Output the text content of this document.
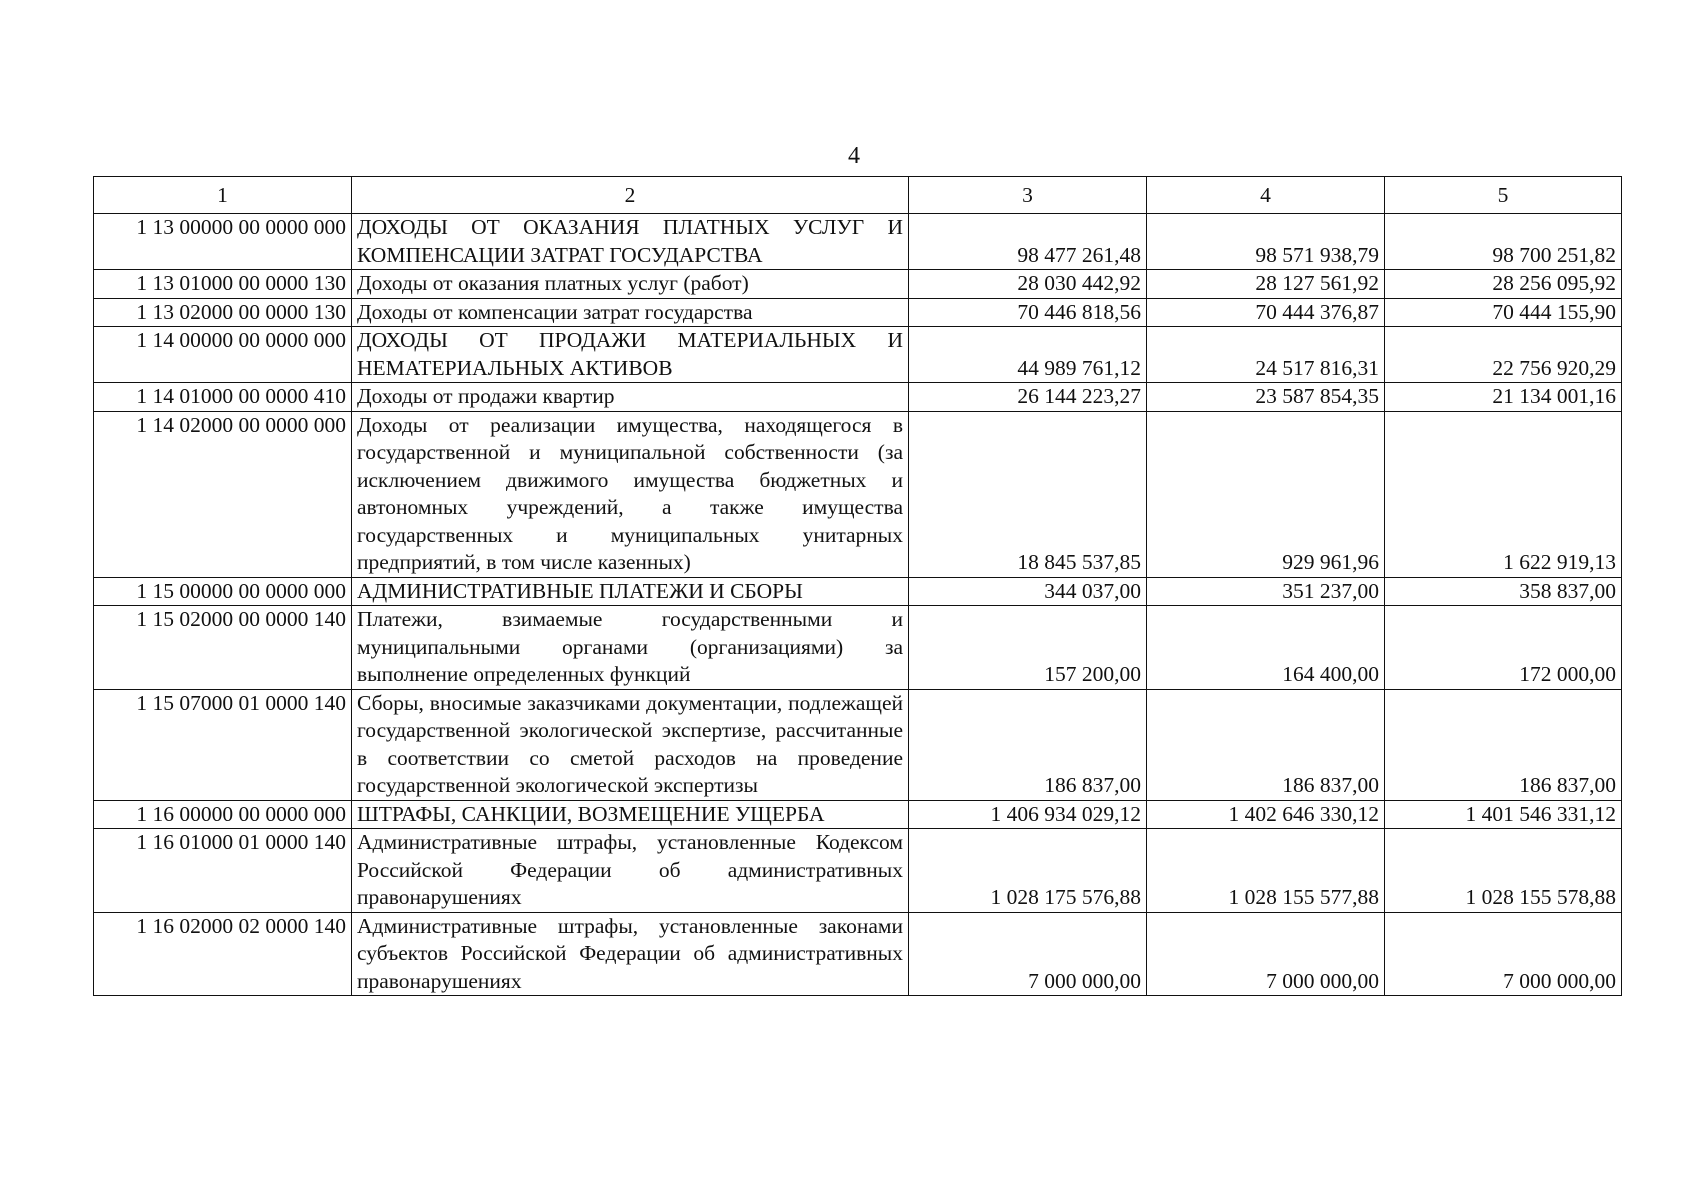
4
1	2	3	4	5
1 13 00000 00 0000 000	ДОХОДЫ ОТ ОКАЗАНИЯ ПЛАТНЫХ УСЛУГ И КОМПЕНСАЦИИ ЗАТРАТ ГОСУДАРСТВА	98 477 261,48	98 571 938,79	98 700 251,82
1 13 01000 00 0000 130	Доходы от оказания платных услуг (работ)	28 030 442,92	28 127 561,92	28 256 095,92
1 13 02000 00 0000 130	Доходы от компенсации затрат государства	70 446 818,56	70 444 376,87	70 444 155,90
1 14 00000 00 0000 000	ДОХОДЫ ОТ ПРОДАЖИ МАТЕРИАЛЬНЫХ И НЕМАТЕРИАЛЬНЫХ АКТИВОВ	44 989 761,12	24 517 816,31	22 756 920,29
1 14 01000 00 0000 410	Доходы от продажи квартир	26 144 223,27	23 587 854,35	21 134 001,16
1 14 02000 00 0000 000	Доходы от реализации имущества, находящегося в государственной и муниципальной собственности (за исключением движимого имущества бюджетных и автономных учреждений, а также имущества государственных и муниципальных унитарных предприятий, в том числе казенных)	18 845 537,85	929 961,96	1 622 919,13
1 15 00000 00 0000 000	АДМИНИСТРАТИВНЫЕ ПЛАТЕЖИ И СБОРЫ	344 037,00	351 237,00	358 837,00
1 15 02000 00 0000 140	Платежи, взимаемые государственными и муниципальными органами (организациями) за выполнение определенных функций	157 200,00	164 400,00	172 000,00
1 15 07000 01 0000 140	Сборы, вносимые заказчиками документации, подлежащей государственной экологической экспертизе, рассчитанные в соответствии со сметой расходов на проведение государственной экологической экспертизы	186 837,00	186 837,00	186 837,00
1 16 00000 00 0000 000	ШТРАФЫ, САНКЦИИ, ВОЗМЕЩЕНИЕ УЩЕРБА	1 406 934 029,12	1 402 646 330,12	1 401 546 331,12
1 16 01000 01 0000 140	Административные штрафы, установленные Кодексом Российской Федерации об административных правонарушениях	1 028 175 576,88	1 028 155 577,88	1 028 155 578,88
1 16 02000 02 0000 140	Административные штрафы, установленные законами субъектов Российской Федерации об административных правонарушениях	7 000 000,00	7 000 000,00	7 000 000,00
